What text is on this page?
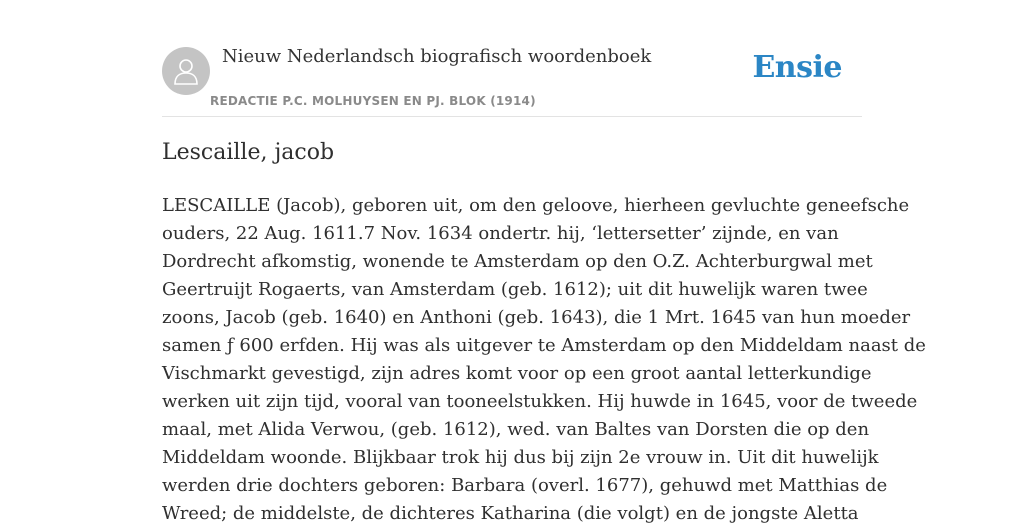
Nieuw Nederlandsch biografisch woordenboek
REDACTIE P.C. MOLHUYSEN EN PJ. BLOK (1914)
Ensie
Lescaille, jacob
LESCAILLE (Jacob), geboren uit, om den geloove, hierheen gevluchte geneefsche
ouders, 22 Aug. 1611.7 Nov. 1634 ondertr. hij, ‘lettersetter’ zijnde, en van
Dordrecht afkomstig, wonende te Amsterdam op den O.Z. Achterburgwal met
Geertruijt Rogaerts, van Amsterdam (geb. 1612); uit dit huwelijk waren twee
zoons, Jacob (geb. 1640) en Anthoni (geb. 1643), die 1 Mrt. 1645 van hun moeder
samen ƒ 600 erfden. Hij was als uitgever te Amsterdam op den Middeldam naast de
Vischmarkt gevestigd, zijn adres komt voor op een groot aantal letterkundige
werken uit zijn tijd, vooral van tooneelstukken. Hij huwde in 1645, voor de tweede
maal, met Alida Verwou, (geb. 1612), wed. van Baltes van Dorsten die op den
Middeldam woonde. Blijkbaar trok hij dus bij zijn 2e vrouw in. Uit dit huwelijk
werden drie dochters geboren: Barbara (overl. 1677), gehuwd met Matthias de
Wreed; de middelste, de dichteres Katharina (die volgt) en de jongste Aletta
